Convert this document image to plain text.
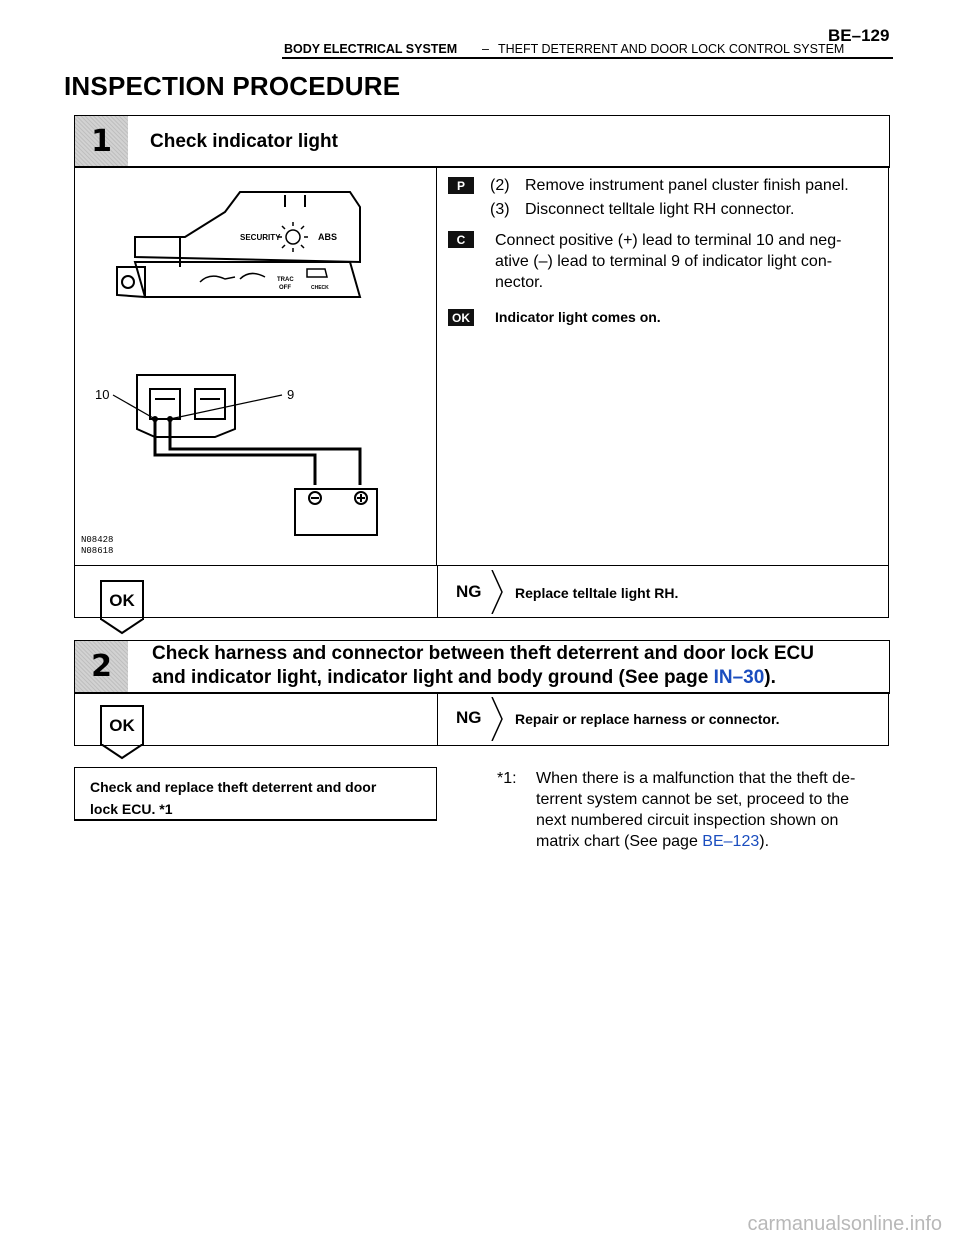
BE–129
BODY ELECTRICAL SYSTEM – THEFT DETERRENT AND DOOR LOCK CONTROL SYSTEM
INSPECTION PROCEDURE
1 Check indicator light
SECURITY	ABS
TRAC
OFF	CHECK
10	9
N08428
N08618
P	(2) Remove instrument panel cluster finish panel.
(3) Disconnect telltale light RH connector.
C	Connect positive (+) lead to terminal 10 and neg-
ative (–) lead to terminal 9 of indicator light con-
nector.
OK Indicator light comes on.
OK	NG Replace telltale light RH.
2 Check harness and connector between theft deterrent and door lock ECU
and indicator light, indicator light and body ground (See page IN–30).
OK	NG Repair or replace harness or connector.
Check and replace theft deterrent and door
lock ECU. *1
*1: When there is a malfunction that the theft de-
terrent system cannot be set, proceed to the
next numbered circuit inspection shown on
matrix chart (See page BE–123).
carmanualsonline.info
